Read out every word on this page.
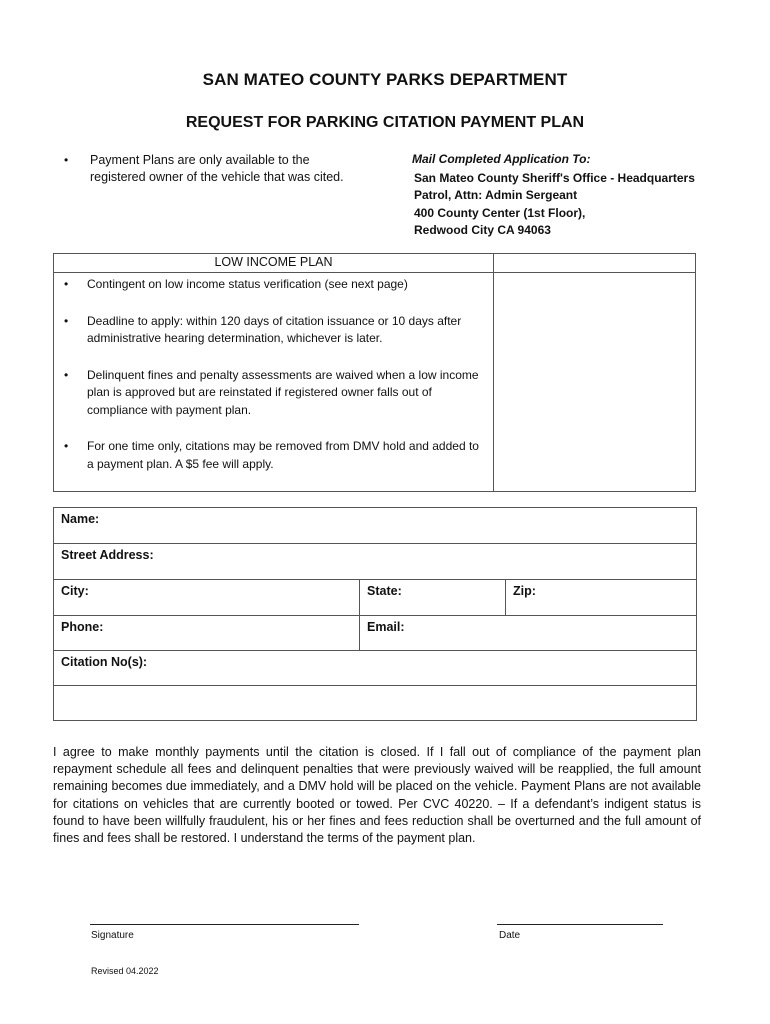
SAN MATEO COUNTY PARKS DEPARTMENT
REQUEST FOR PARKING CITATION PAYMENT PLAN
• Payment Plans are only available to the registered owner of the vehicle that was cited.
Mail Completed Application To:
San Mateo County Sheriff's Office - Headquarters
Patrol, Attn: Admin Sergeant
400 County Center (1st Floor),
Redwood City CA 94063
LOW INCOME PLAN
• Contingent on low income status verification (see next page)
• Deadline to apply: within 120 days of citation issuance or 10 days after administrative hearing determination, whichever is later.
• Delinquent fines and penalty assessments are waived when a low income plan is approved but are reinstated if registered owner falls out of compliance with payment plan.
• For one time only, citations may be removed from DMV hold and added to a payment plan. A $5 fee will apply.
Name:
Street Address:
City:	State:	Zip:
Phone:	Email:
Citation No(s):
I agree to make monthly payments until the citation is closed. If I fall out of compliance of the payment plan repayment schedule all fees and delinquent penalties that were previously waived will be reapplied, the full amount remaining becomes due immediately, and a DMV hold will be placed on the vehicle. Payment Plans are not available for citations on vehicles that are currently booted or towed. Per CVC 40220. – If a defendant’s indigent status is found to have been willfully fraudulent, his or her fines and fees reduction shall be overturned and the full amount of fines and fees shall be restored. I understand the terms of the payment plan.
Signature	Date
Revised 04.2022
